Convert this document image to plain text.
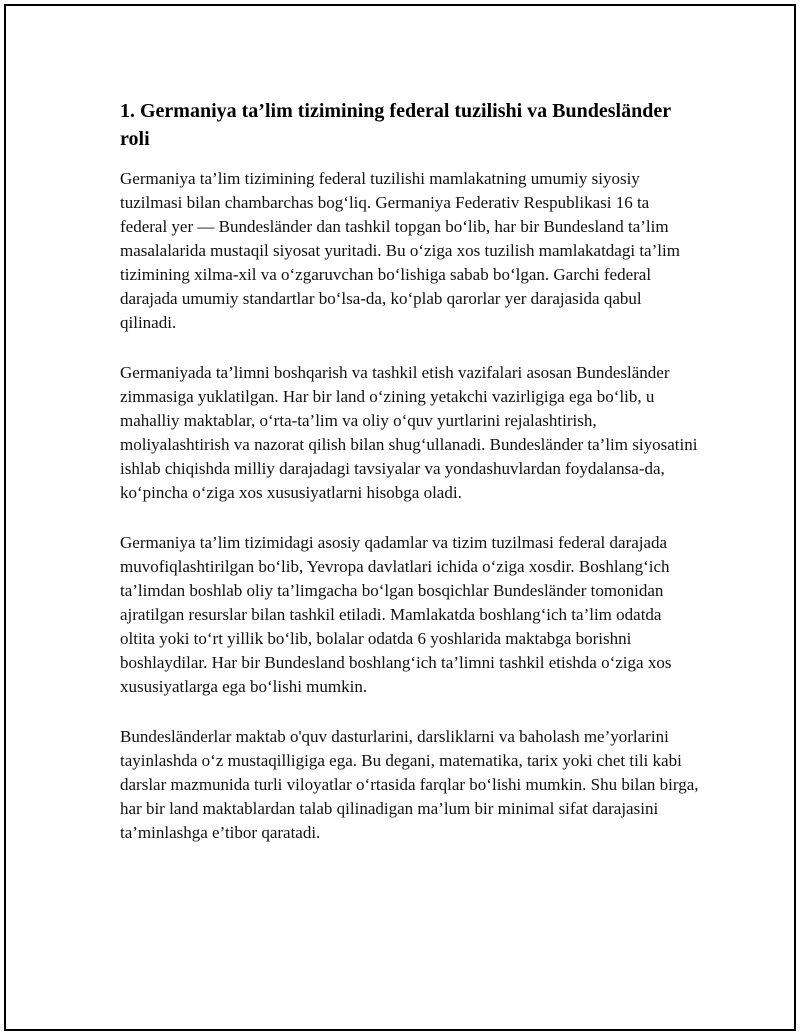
1. Germaniya ta’lim tizimining federal tuzilishi va Bundesländer roli

Germaniya ta’lim tizimining federal tuzilishi mamlakatning umumiy siyosiy tuzilmasi bilan chambarchas bog‘liq. Germaniya Federativ Respublikasi 16 ta federal yer — Bundesländer dan tashkil topgan bo‘lib, har bir Bundesland ta’lim masalalarida mustaqil siyosat yuritadi. Bu o‘ziga xos tuzilish mamlakatdagi ta’lim tizimining xilma-xil va o‘zgaruvchan bo‘lishiga sabab bo‘lgan. Garchi federal darajada umumiy standartlar bo‘lsa-da, ko‘plab qarorlar yer darajasida qabul qilinadi.

Germaniyada ta’limni boshqarish va tashkil etish vazifalari asosan Bundesländer zimmasiga yuklatilgan. Har bir land o‘zining yetakchi vazirligiga ega bo‘lib, u mahalliy maktablar, o‘rta-ta’lim va oliy o‘quv yurtlarini rejalashtirish, moliyalashtirish va nazorat qilish bilan shug‘ullanadi. Bundesländer ta’lim siyosatini ishlab chiqishda milliy darajadagi tavsiyalar va yondashuvlardan foydalansa-da, ko‘pincha o‘ziga xos xususiyatlarni hisobga oladi.

Germaniya ta’lim tizimidagi asosiy qadamlar va tizim tuzilmasi federal darajada muvofiqlashtirilgan bo‘lib, Yevropa davlatlari ichida o‘ziga xosdir. Boshlang‘ich ta’limdan boshlab oliy ta’limgacha bo‘lgan bosqichlar Bundesländer tomonidan ajratilgan resurslar bilan tashkil etiladi. Mamlakatda boshlang‘ich ta’lim odatda oltita yoki to‘rt yillik bo‘lib, bolalar odatda 6 yoshlarida maktabga borishni boshlaydilar. Har bir Bundesland boshlang‘ich ta’limni tashkil etishda o‘ziga xos xususiyatlarga ega bo‘lishi mumkin.

Bundesländerlar maktab o'quv dasturlarini, darsliklarni va baholash me’yorlarini tayinlashda o‘z mustaqilligiga ega. Bu degani, matematika, tarix yoki chet tili kabi darslar mazmunida turli viloyatlar o‘rtasida farqlar bo‘lishi mumkin. Shu bilan birga, har bir land maktablardan talab qilinadigan ma’lum bir minimal sifat darajasini ta’minlashga e’tibor qaratadi.
